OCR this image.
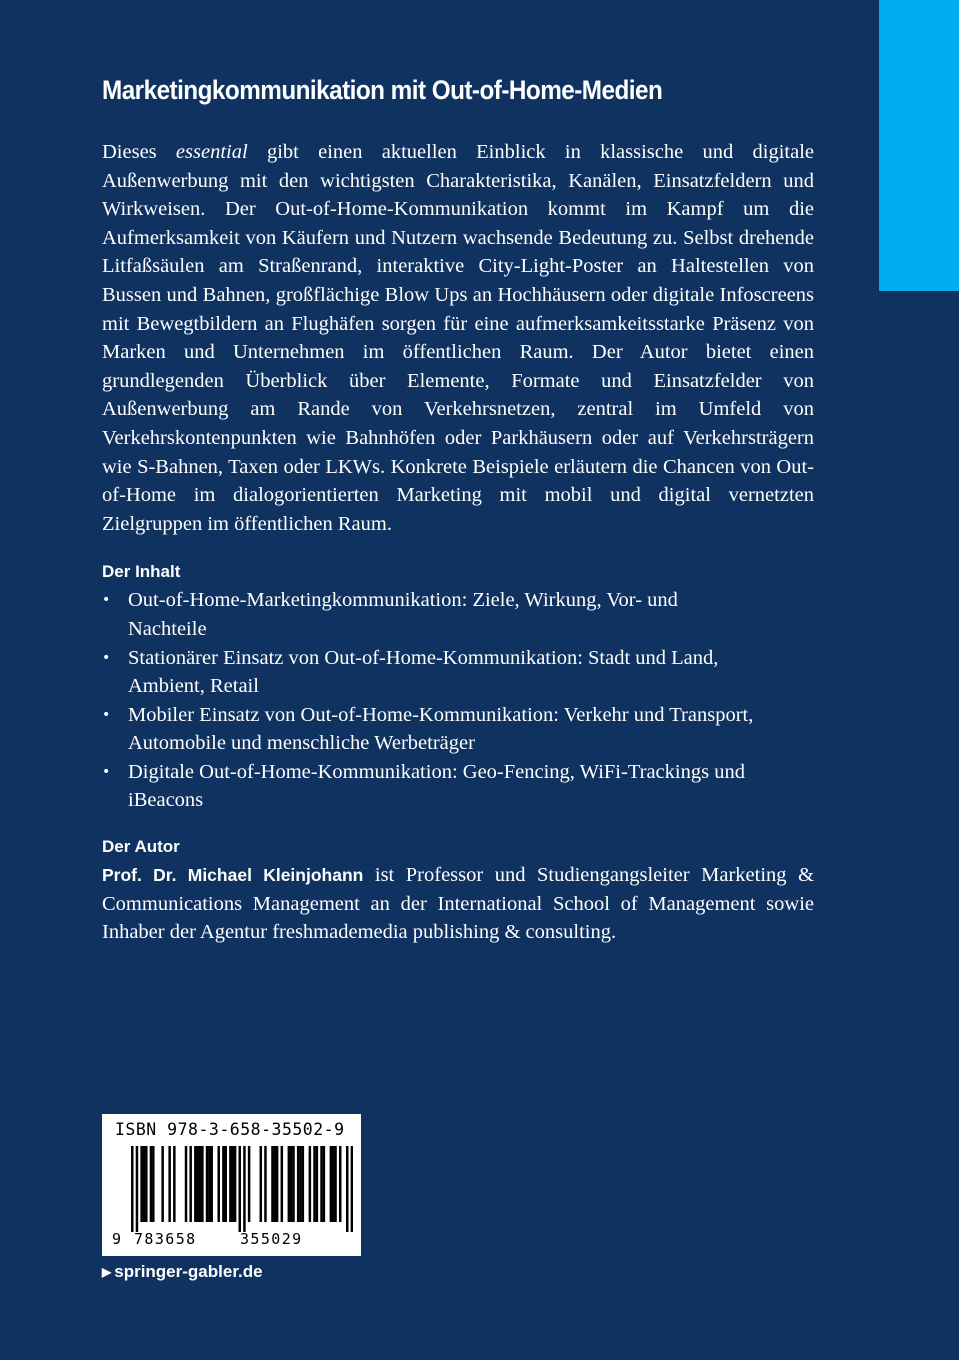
Marketingkommunikation mit Out-of-Home-Medien

Dieses essential gibt einen aktuellen Einblick in klassische und digitale Außenwerbung mit den wichtigsten Charakteristika, Kanälen, Einsatzfeldern und Wirkweisen. Der Out-of-Home-Kommunikation kommt im Kampf um die Aufmerksamkeit von Käufern und Nutzern wachsende Bedeutung zu. Selbst drehende Litfaßsäulen am Straßenrand, interaktive City-Light-Poster an Haltestellen von Bussen und Bahnen, großflächige Blow Ups an Hochhäusern oder digitale Infoscreens mit Bewegtbildern an Flughäfen sorgen für eine aufmerksamkeitsstarke Präsenz von Marken und Unternehmen im öffentlichen Raum. Der Autor bietet einen grundlegenden Überblick über Elemente, Formate und Einsatzfelder von Außenwerbung am Rande von Verkehrsnetzen, zentral im Umfeld von Verkehrskontenpunkten wie Bahnhöfen oder Parkhäusern oder auf Verkehrsträgern wie S-Bahnen, Taxen oder LKWs. Konkrete Beispiele erläutern die Chancen von Out-of-Home im dialogorientierten Marketing mit mobil und digital vernetzten Zielgruppen im öffentlichen Raum.

Der Inhalt
• Out-of-Home-Marketingkommunikation: Ziele, Wirkung, Vor- und Nachteile
• Stationärer Einsatz von Out-of-Home-Kommunikation: Stadt und Land, Ambient, Retail
• Mobiler Einsatz von Out-of-Home-Kommunikation: Verkehr und Transport, Automobile und menschliche Werbeträger
• Digitale Out-of-Home-Kommunikation: Geo-Fencing, WiFi-Trackings und iBeacons
Der Autor

Prof. Dr. Michael Kleinjohann ist Professor und Studiengangsleiter Marketing & Communications Management an der International School of Management sowie Inhaber der Agentur freshmademedia publishing & consulting.

ISBN 978-3-658-35502-9
9 783658	355029
▶ springer-gabler.de
